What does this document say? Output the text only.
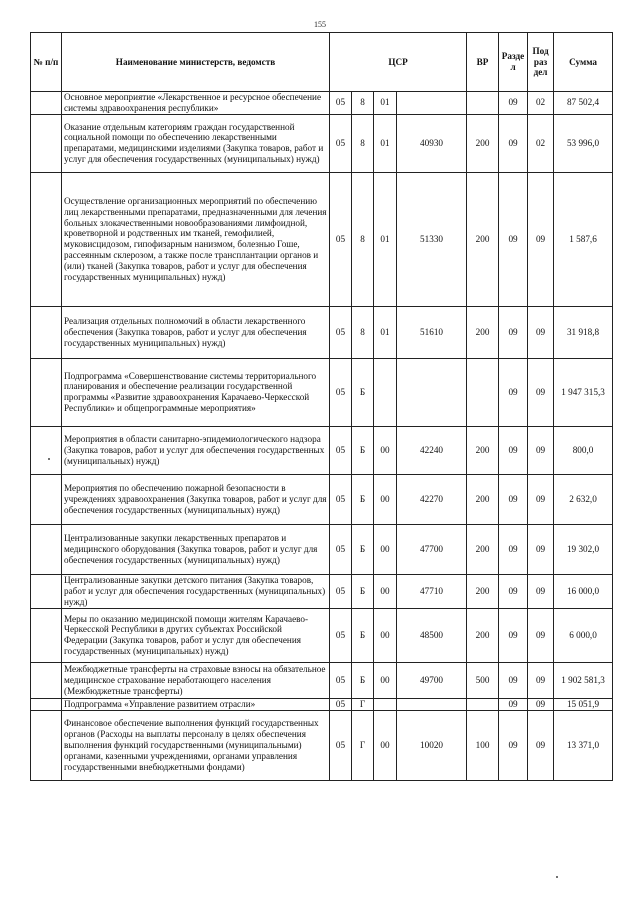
155
№ п/п	Наименование министерств, ведомств	ЦСР				ВР	Разде л	Под раз дел	Сумма
	Основное мероприятие «Лекарственное и ресурсное обеспечение системы здравоохранения республики»	05	8	01			09	02	87 502,4
	Оказание отдельным категориям граждан государственной социальной помощи по обеспечению лекарственными препаратами, медицинскими изделиями (Закупка товаров, работ и услуг для обеспечения государственных (муниципальных) нужд)	05	8	01	40930	200	09	02	53 996,0
	Осуществление организационных мероприятий по обеспечению лиц лекарственными препаратами, предназначенными для лечения больных злокачественными новообразованиями лимфоидной, кроветворной и родственных им тканей, гемофилией, муковисцидозом, гипофизарным нанизмом, болезнью Гоше, рассеянным склерозом, а также после трансплантации органов и (или) тканей (Закупка товаров, работ и услуг для обеспечения государственных муниципальных) нужд)	05	8	01	51330	200	09	09	1 587,6
	Реализация отдельных полномочий в области лекарственного обеспечения (Закупка товаров, работ и услуг для обеспечения государственных муниципальных) нужд)	05	8	01	51610	200	09	09	31 918,8
	Подпрограмма «Совершенствование системы территориального планирования и обеспечение реализации государственной программы «Развитие здравоохранения Карачаево-Черкесской Республики» и общепрограммные мероприятия»	05	Б				09	09	1 947 315,3
	Мероприятия в области санитарно-эпидемиологического надзора (Закупка товаров, работ и услуг для обеспечения государственных (муниципальных) нужд)	05	Б	00	42240	200	09	09	800,0
	Мероприятия по обеспечению пожарной безопасности в учреждениях здравоохранения (Закупка товаров, работ и услуг для обеспечения государственных (муниципальных) нужд)	05	Б	00	42270	200	09	09	2 632,0
	Централизованные закупки лекарственных препаратов и медицинского оборудования (Закупка товаров, работ и услуг для обеспечения государственных (муниципальных) нужд)	05	Б	00	47700	200	09	09	19 302,0
	Централизованные закупки детского питания (Закупка товаров, работ и услуг для обеспечения государственных (муниципальных) нужд)	05	Б	00	47710	200	09	09	16 000,0
	Меры по оказанию медицинской помощи жителям Карачаево-Черкесской Республики в других субъектах Российской Федерации (Закупка товаров, работ и услуг для обеспечения государственных (муниципальных) нужд)	05	Б	00	48500	200	09	09	6 000,0
	Межбюджетные трансферты на страховые взносы на обязательное медицинское страхование неработающего населения (Межбюджетные трансферты)	05	Б	00	49700	500	09	09	1 902 581,3
	Подпрограмма «Управление развитием отрасли»	05	Г				09	09	15 051,9
	Финансовое обеспечение выполнения функций государственных органов (Расходы на выплаты персоналу в целях обеспечения выполнения функций государственными (муниципальными) органами, казенными учреждениями, органами управления государственными внебюджетными фондами)	05	Г	00	10020	100	09	09	13 371,0
